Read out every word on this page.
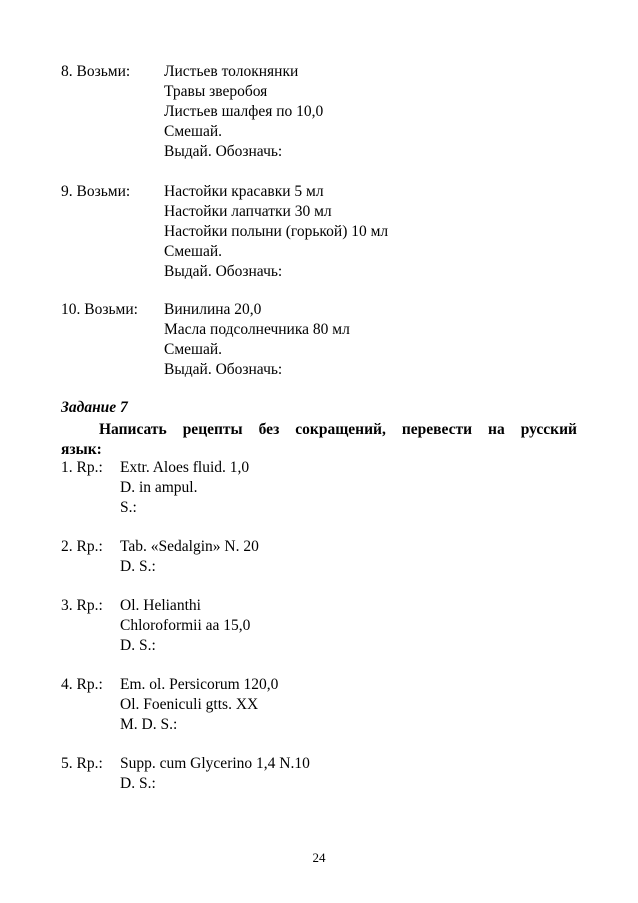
8. Возьми: Листьев толокнянки
Травы зверобоя
Листьев шалфея по 10,0
Смешай.
Выдай. Обозначь:
9. Возьми: Настойки красавки 5 мл
Настойки лапчатки 30 мл
Настойки полыни (горькой) 10 мл
Смешай.
Выдай. Обозначь:
10. Возьми: Винилина 20,0
Масла подсолнечника 80 мл
Смешай.
Выдай. Обозначь:
Задание 7
Написать рецепты без сокращений, перевести на русский
язык:
1. Rp.: Extr. Aloes fluid. 1,0
D. in ampul.
S.:
2. Rp.: Tab. «Sedalgin» N. 20
D. S.:
3. Rp.: Ol. Helianthi
Chloroformii aa 15,0
D. S.:
4. Rp.: Em. ol. Persicorum 120,0
Ol. Foeniculi gtts. XX
M. D. S.:
5. Rp.: Supp. cum Glycerino 1,4 N.10
D. S.:
24
